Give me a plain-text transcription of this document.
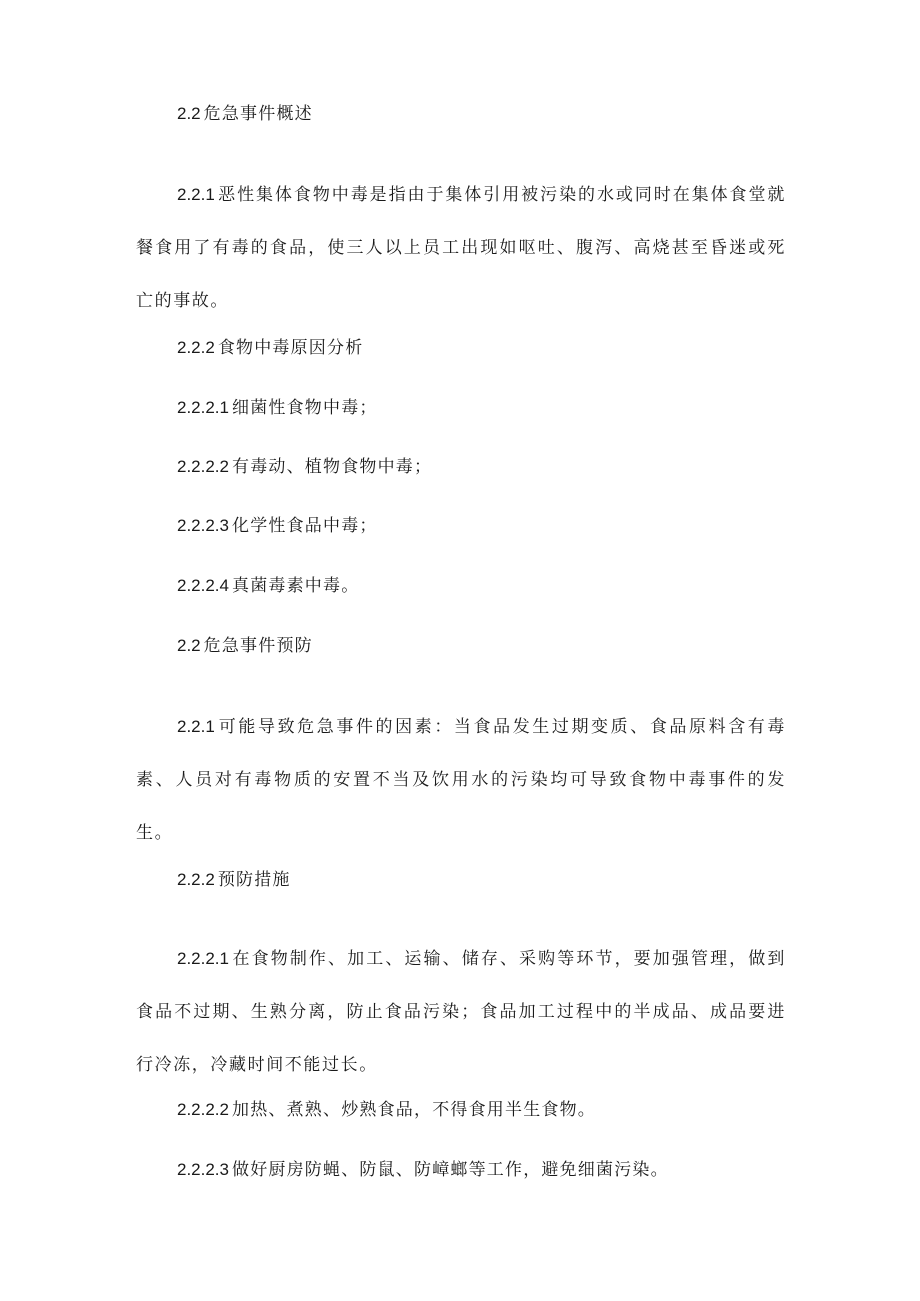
2.2 危急事件概述

2.2.1 恶性集体食物中毒是指由于集体引用被污染的水或同时在集体食堂就餐食用了有毒的食品，使三人以上员工出现如呕吐、腹泻、高烧甚至昏迷或死亡的事故。

2.2.2 食物中毒原因分析

2.2.2.1 细菌性食物中毒；

2.2.2.2 有毒动、植物食物中毒；

2.2.2.3 化学性食品中毒；

2.2.2.4 真菌毒素中毒。

2.2 危急事件预防

2.2.1 可能导致危急事件的因素：当食品发生过期变质、食品原料含有毒素、人员对有毒物质的安置不当及饮用水的污染均可导致食物中毒事件的发生。

2.2.2 预防措施

2.2.2.1 在食物制作、加工、运输、储存、采购等环节，要加强管理，做到食品不过期、生熟分离，防止食品污染；食品加工过程中的半成品、成品要进行冷冻，冷藏时间不能过长。

2.2.2.2 加热、煮熟、炒熟食品，不得食用半生食物。

2.2.2.3 做好厨房防蝇、防鼠、防嶂螂等工作，避免细菌污染。
